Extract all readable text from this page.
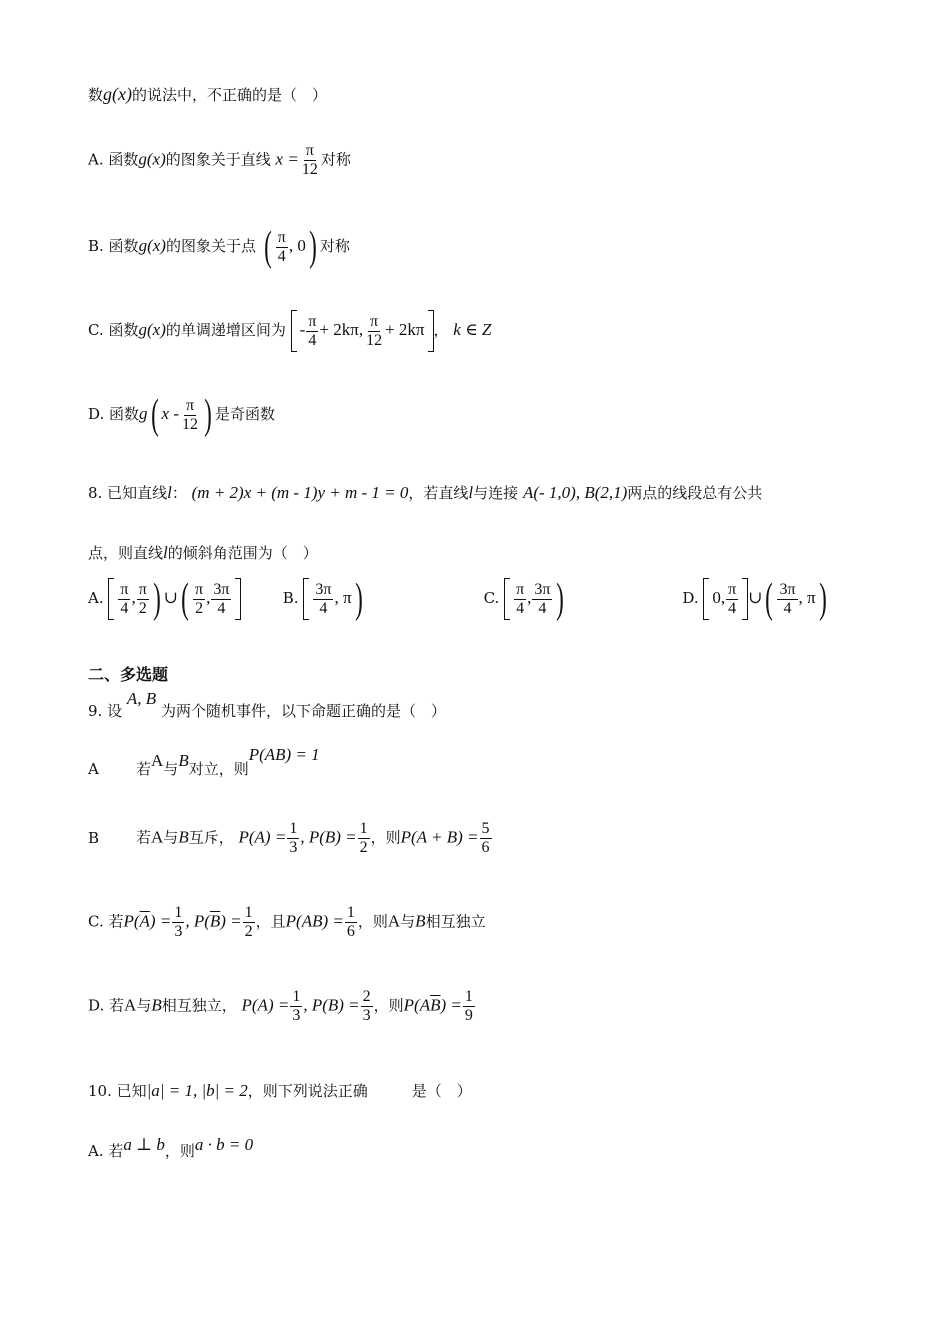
数g(x)的说法中，不正确的是（　）
A. 函数g(x)的图象关于直线 $x = \frac{\pi}{12}$ 对称
B. 函数g(x)的图象关于点 ( $\frac{\pi}{4}$ , 0) 对称
C. 函数g(x)的单调递增区间为 - $\frac{\pi}{4} + 2k\pi$, $\frac{\pi}{12} + 2k\pi$ ， k ∈ Z
D. 函数g( x - $\frac{\pi}{12}$ ) 是奇函数
8. 已知直线l： (m + 2)x + (m - 1)y + m - 1 = 0，若直线l与连接 A(- 1,0), B(2,1)两点的线段总有公共
点，则直线l的倾斜角范围为（　）
A. $\frac{\pi}{4}$ , $\frac{\pi}{2}$ ) ∪( $\frac{\pi}{2}$ , $\frac{3\pi}{4}$	B. $\frac{3\pi}{4}$ , π)	C. $\frac{\pi}{4}$ , $\frac{3\pi}{4}$ )	D. 0, $\frac{\pi}{4}$ ∪( $\frac{3\pi}{4}$ , π)
二、多选题
9. 设 A, B 为两个随机事件，以下命题正确的是（　）
A 若A与B对立，则P(AB) = 1
B 若A与B互斥， $P(A) = \frac{1}{3}$ , $P(B) = \frac{1}{2}$ ，则$P(A + B) = \frac{5}{6}$
C. 若$P(\overline{A}) = \frac{1}{3}$ , $P(\overline{B}) = \frac{1}{2}$ ，且$P(AB) = \frac{1}{6}$ ，则A与B相互独立
D. 若A与B相互独立， $P(A) = \frac{1}{3}$ , $P(B) = \frac{2}{3}$ ，则$P(A\overline{B}) = \frac{1}{9}$
10. 已知|a| = 1, |b| = 2，则下列说法正确	是（　）
A. 若a ⊥ b，则a · b = 0
